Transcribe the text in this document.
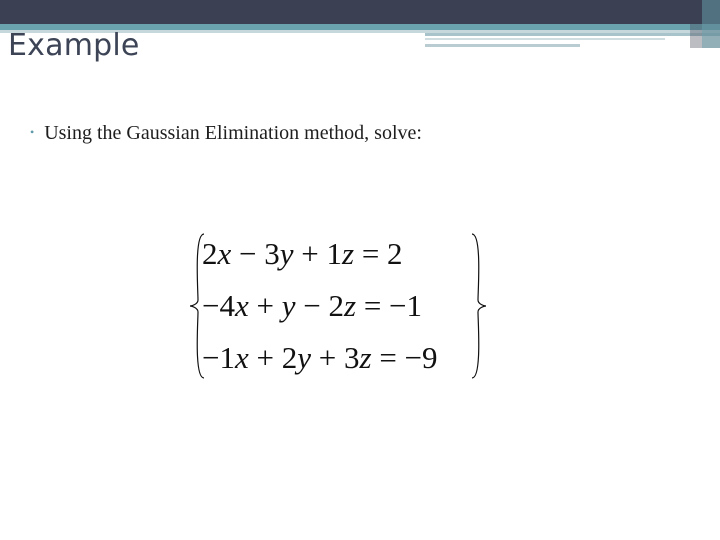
Example
• Using the Gaussian Elimination method, solve:
2x − 3y + 1z = 2
−4x + y − 2z = −1
−1x + 2y + 3z = −9
